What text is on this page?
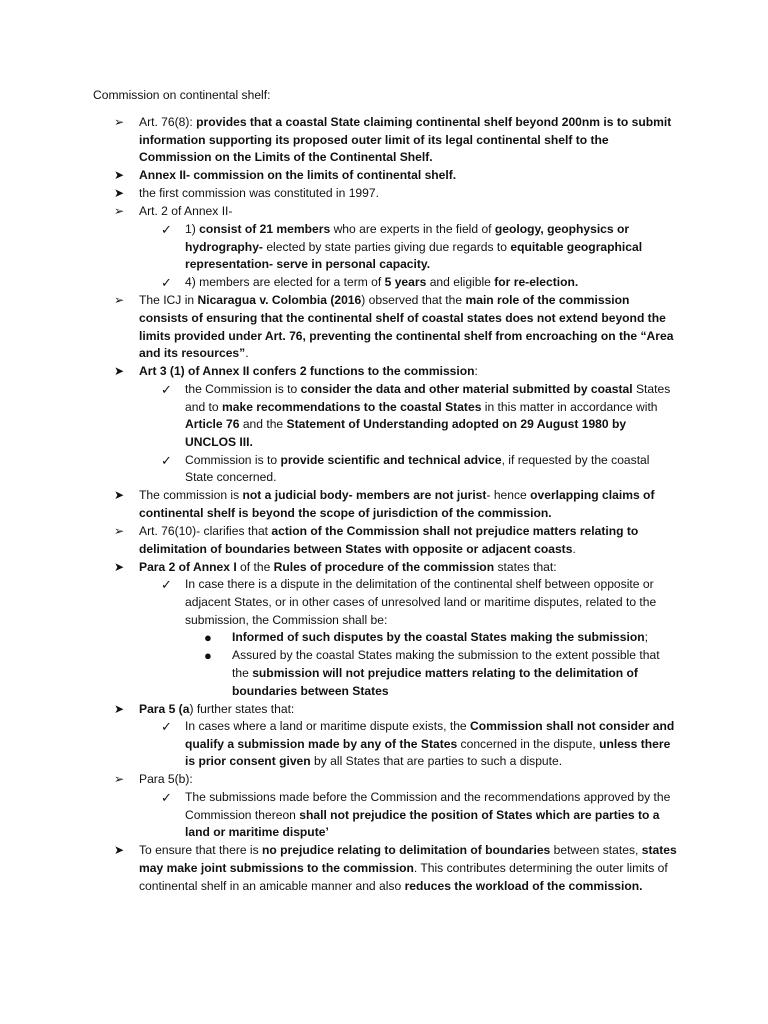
Commission on continental shelf:
➢	Art. 76(8): provides that a coastal State claiming continental shelf beyond 200nm is to submit information supporting its proposed outer limit of its legal continental shelf to the Commission on the Limits of the Continental Shelf.
➤	Annex II- commission on the limits of continental shelf.
➤	the first commission was constituted in 1997.
➢	Art. 2 of Annex II-
✓ 1) consist of 21 members who are experts in the field of geology, geophysics or hydrography- elected by state parties giving due regards to equitable geographical representation- serve in personal capacity.
✓ 4) members are elected for a term of 5 years and eligible for re-election.
➢	The ICJ in Nicaragua v. Colombia (2016) observed that the main role of the commission consists of ensuring that the continental shelf of coastal states does not extend beyond the limits provided under Art. 76, preventing the continental shelf from encroaching on the “Area and its resources”.
➤	Art 3 (1) of Annex II confers 2 functions to the commission:
✓ the Commission is to consider the data and other material submitted by coastal States and to make recommendations to the coastal States in this matter in accordance with Article 76 and the Statement of Understanding adopted on 29 August 1980 by UNCLOS III.
✓ Commission is to provide scientific and technical advice, if requested by the coastal State concerned.
➤	The commission is not a judicial body- members are not jurist- hence overlapping claims of continental shelf is beyond the scope of jurisdiction of the commission.
➢	Art. 76(10)- clarifies that action of the Commission shall not prejudice matters relating to delimitation of boundaries between States with opposite or adjacent coasts.
➤	Para 2 of Annex I of the Rules of procedure of the commission states that:
✓ In case there is a dispute in the delimitation of the continental shelf between opposite or adjacent States, or in other cases of unresolved land or maritime disputes, related to the submission, the Commission shall be:
● Informed of such disputes by the coastal States making the submission;
● Assured by the coastal States making the submission to the extent possible that the submission will not prejudice matters relating to the delimitation of boundaries between States
➤	Para 5 (a) further states that:
✓ In cases where a land or maritime dispute exists, the Commission shall not consider and qualify a submission made by any of the States concerned in the dispute, unless there is prior consent given by all States that are parties to such a dispute.
➢	Para 5(b):
✓ The submissions made before the Commission and the recommendations approved by the Commission thereon shall not prejudice the position of States which are parties to a land or maritime dispute’
➤	To ensure that there is no prejudice relating to delimitation of boundaries between states, states may make joint submissions to the commission. This contributes determining the outer limits of continental shelf in an amicable manner and also reduces the workload of the commission.
